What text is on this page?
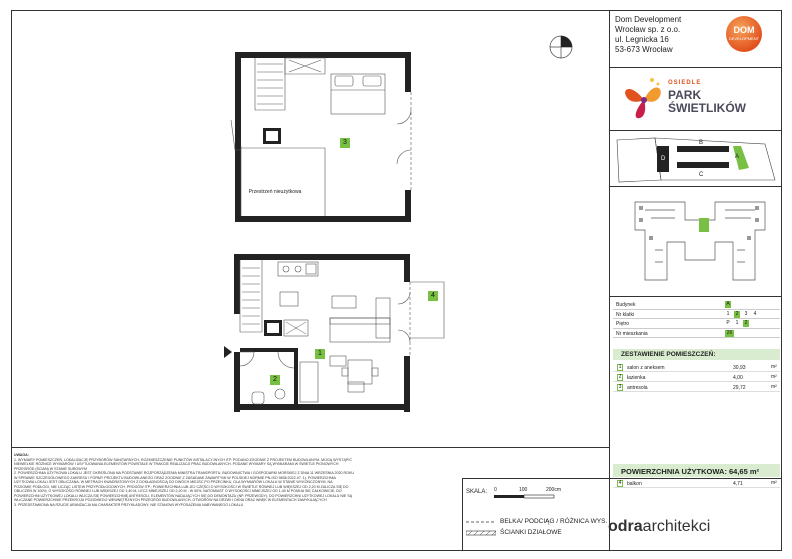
Dom Development
Wrocław sp. z o.o.
ul. Legnicka 16
53-673 Wrocław
DOM
DEVELOPMENT
OSIEDLE
PARK
ŚWIETLIKÓW
D
B
C
A
Budynek	A
Nr klatki	1	2	3	4
Piętro	P	1	2
Nr mieszkania	26
ZESTAWIENIE POMIESZCZEŃ:
1	salon z aneksem	30,93	m²
2	łazienka	4,00	m²
3	antresola	29,72	m²
POWIERZCHNIA UŻYTKOWA: 64,65 m²
4	balkon	4,71	m²
3
Przestrzeń nieużytkowa
1
2
4
UWAGA:
1. WYMIARY POMIESZCZEŃ, LOKALIZACJĘ PRZYBORÓW SANITARNYCH, ROZMIESZCZENIE PUNKTÓW INSTALACYJNYCH ITP. PODANO ZGODNIE Z PROJEKTEM BUDOWLANYM. MOGĄ WYSTĄPIĆ
NIEWIELKIE RÓŻNICE WYMIARÓW I USYTUOWANIA ELEMENTÓW POWSTAŁE W TRAKCIE REALIZACJI PRAC BUDOWLANYCH. PODANE WYMIARY SĄ WYMIARAMI W ŚWIETLE PIONOWYCH
PRZEGRÓD (ŚCIAN) W STANIE SUROWYM
2. POWIERZCHNIA UŻYTKOWA LOKALU JEST OKREŚLONA NA PODSTAWIE ROZPORZĄDZENIA MINISTRA TRANSPORTU, BUDOWNICTWA I GOSPODARKI MORSKIEJ Z DNIA 11 WRZEŚNIA 2020 ROKU
W SPRAWIE SZCZEGÓŁOWEGO ZAKRESU I FORMY PROJEKTU BUDOWLANEGO ORAZ ZGODNIE Z ZASADAMI ZAWARTYMI W POLSKIEJ NORMIE PN-ISO 9836:2022-07. 1). POWIERZCHNIA
UŻYTKOWA LOKALI JEST OBLICZANA: W METRACH KWADRATOWYCH Z DOKŁADNOŚCIĄ DO DWÓCH MIEJSC PO PRZECINKU, DLA WYMIARÓW LOKALU W STANIE WYKOŃCZONYM, NA
POZIOMIE PODŁOGI, NIE LICZĄC LISTEW PRZYPODŁOGOWYCH, PROGÓW ITP.; POWIERZCHNIA LUB JEJ CZĘŚCI O WYSOKOŚCI W ŚWIETLE RÓWNEJ LUB WIĘKSZEJ OD 2,20 M ZALICZA SIĘ DO
OBLICZEŃ W 100%, O WYSOKOŚCI RÓWNEJ LUB WIĘKSZEJ OD 1,40 M, LECZ MNIEJSZEJ OD 2,20 M - W 50%, NATOMIAST O WYSOKOŚCI MNIEJSZEJ OD 1,40 M POMIJA SIĘ CAŁKOWICIE, DO
POWIERZCHNI UŻYTKOWEJ LOKALU WLICZA SIĘ POWIERZCHNIĘ ANTRESOLI, ELEMENTÓW NADAJĄCYCH SIĘ DO DEMONTAŻU (NP. PRZEWODY), DO POWIERZCHNI UŻYTKOWEJ LOKALU NIE SĄ
WLICZANE POWIERZCHNIE PRZEKROJU POZIOMEGO WEWNĘTRZNYCH PRZEGRÓD BUDOWLANYCH, OTWORÓW NA DRZWI I OKNA ORAZ WNĘK W ELEMENTACH ZAMYKAJĄCYCH
3. PRZEDSTAWIONA NA RZUCIE ARANŻACJA MA CHARAKTER PRZYKŁADOWY, NIE STANOWI WYPOSAŻENIA NABYWANEGO LOKALU
SKALA: 0	100	200cm
BELKA/ PODCIĄG / RÓŻNICA WYS.
ŚCIANKI DZIAŁOWE	odraarchitekci
